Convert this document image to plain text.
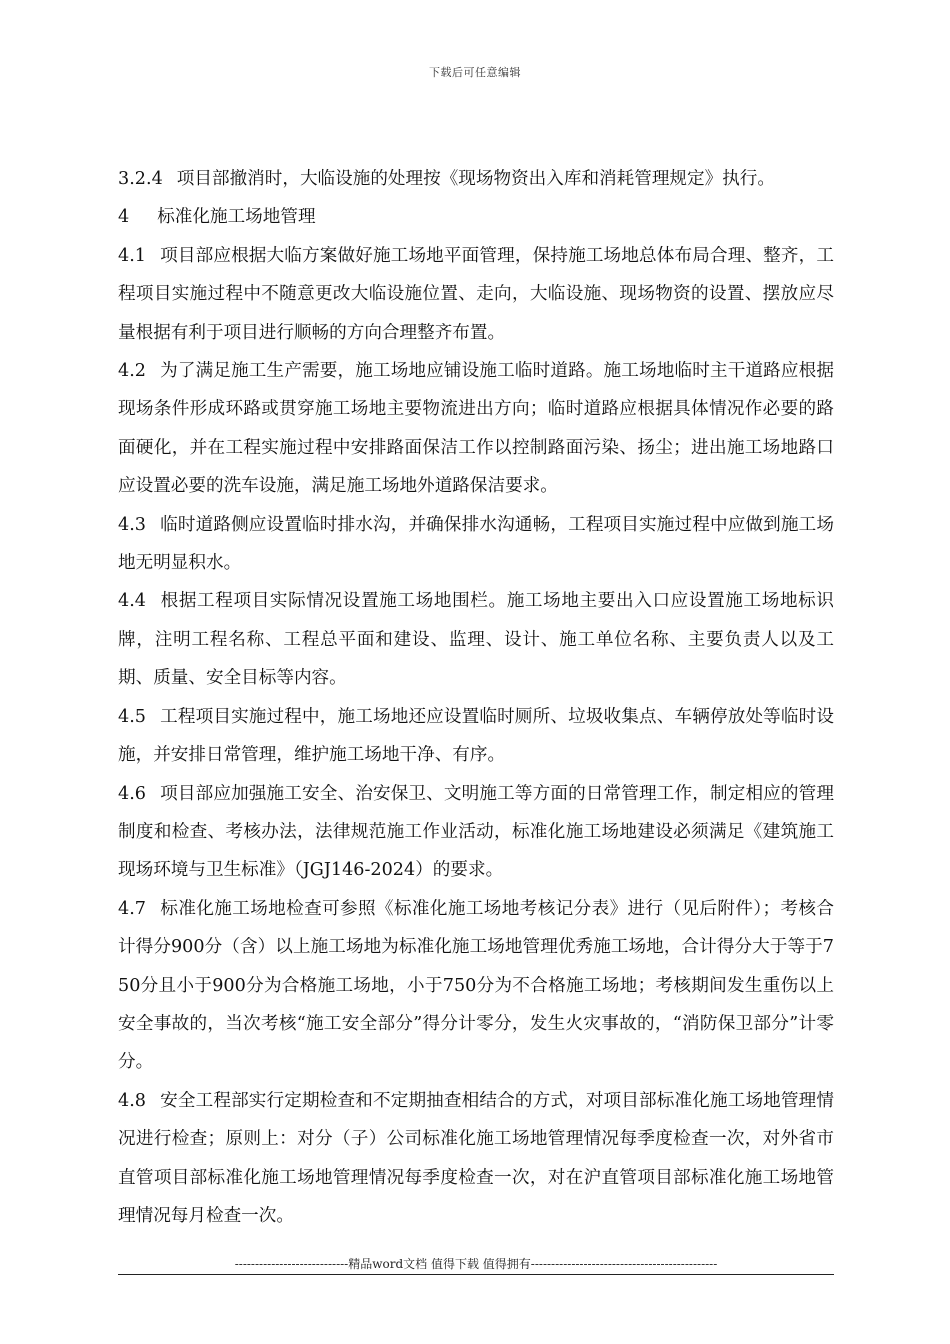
下载后可任意编辑

3.2.4 项目部撤消时，大临设施的处理按《现场物资出入库和消耗管理规定》执行。

4 标准化施工场地管理

4.1 项目部应根据大临方案做好施工场地平面管理，保持施工场地总体布局合理、整齐，工程项目实施过程中不随意更改大临设施位置、走向，大临设施、现场物资的设置、摆放应尽量根据有利于项目进行顺畅的方向合理整齐布置。

4.2 为了满足施工生产需要，施工场地应铺设施工临时道路。施工场地临时主干道路应根据现场条件形成环路或贯穿施工场地主要物流进出方向；临时道路应根据具体情况作必要的路面硬化，并在工程实施过程中安排路面保洁工作以控制路面污染、扬尘；进出施工场地路口应设置必要的洗车设施，满足施工场地外道路保洁要求。

4.3 临时道路侧应设置临时排水沟，并确保排水沟通畅，工程项目实施过程中应做到施工场地无明显积水。

4.4 根据工程项目实际情况设置施工场地围栏。施工场地主要出入口应设置施工场地标识牌，注明工程名称、工程总平面和建设、监理、设计、施工单位名称、主要负责人以及工期、质量、安全目标等内容。

4.5 工程项目实施过程中，施工场地还应设置临时厕所、垃圾收集点、车辆停放处等临时设施，并安排日常管理，维护施工场地干净、有序。

4.6 项目部应加强施工安全、治安保卫、文明施工等方面的日常管理工作，制定相应的管理制度和检查、考核办法，法律规范施工作业活动，标准化施工场地建设必须满足《建筑施工现场环境与卫生标准》（JGJ146-2024）的要求。

4.7 标准化施工场地检查可参照《标准化施工场地考核记分表》进行（见后附件）；考核合计得分900分（含）以上施工场地为标准化施工场地管理优秀施工场地，合计得分大于等于750分且小于900分为合格施工场地，小于750分为不合格施工场地；考核期间发生重伤以上安全事故的，当次考核“施工安全部分”得分计零分，发生火灾事故的，“消防保卫部分”计零分。

4.8 安全工程部实行定期检查和不定期抽查相结合的方式，对项目部标准化施工场地管理情况进行检查；原则上：对分（子）公司标准化施工场地管理情况每季度检查一次，对外省市直管项目部标准化施工场地管理情况每季度检查一次，对在沪直管项目部标准化施工场地管理情况每月检查一次。

----------------------------精品word文档 值得下载 值得拥有----------------------------------------------
